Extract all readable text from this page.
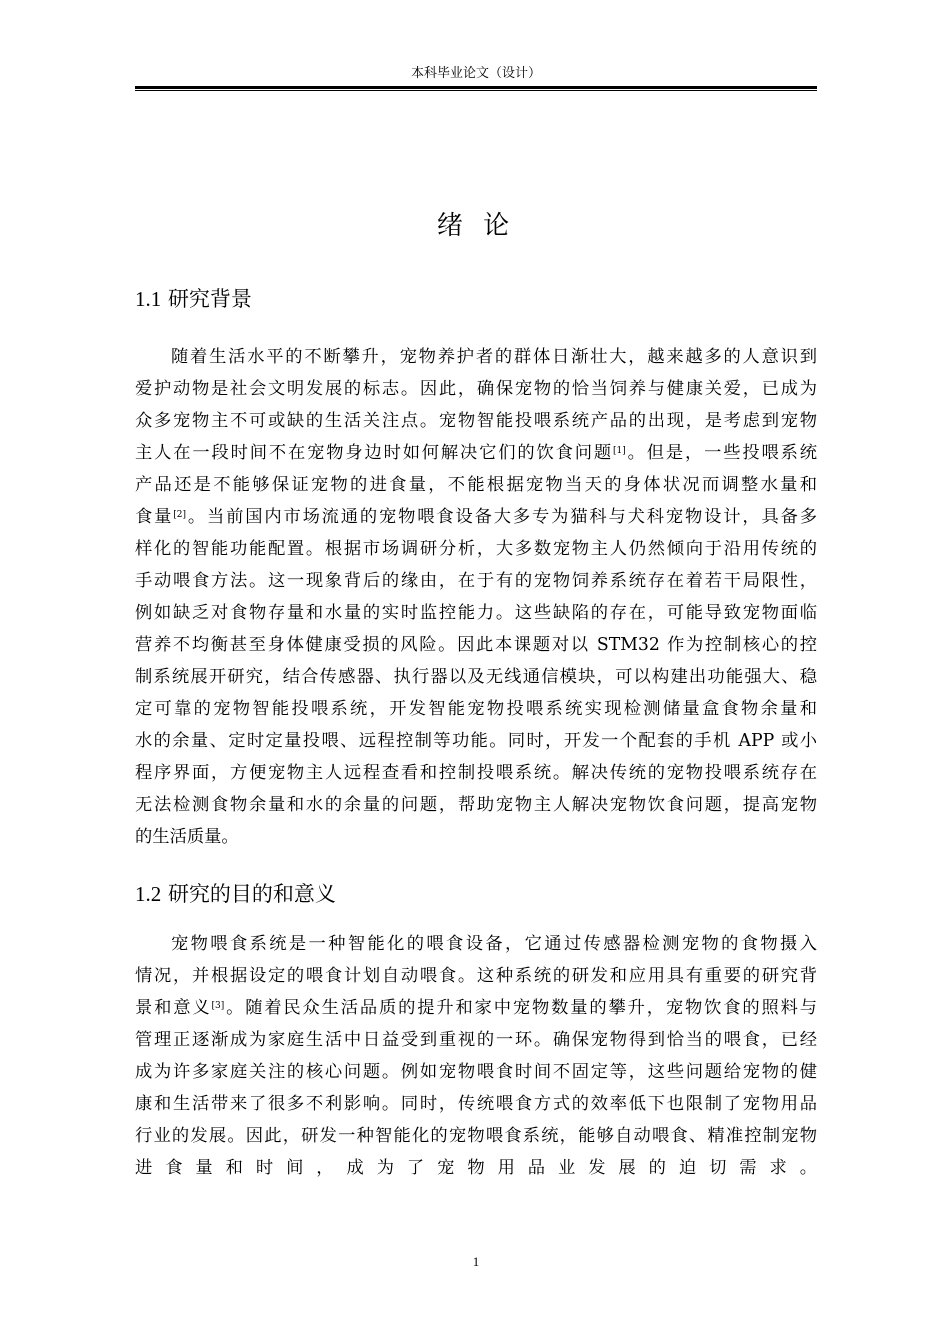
本科毕业论文（设计）
绪 论
1.1 研究背景
随着生活水平的不断攀升，宠物养护者的群体日渐壮大，越来越多的人意识到
爱护动物是社会文明发展的标志。因此，确保宠物的恰当饲养与健康关爱，已成为
众多宠物主不可或缺的生活关注点。宠物智能投喂系统产品的出现，是考虑到宠物
主人在一段时间不在宠物身边时如何解决它们的饮食问题[1]。但是，一些投喂系统
产品还是不能够保证宠物的进食量，不能根据宠物当天的身体状况而调整水量和
食量[2]。当前国内市场流通的宠物喂食设备大多专为猫科与犬科宠物设计，具备多
样化的智能功能配置。根据市场调研分析，大多数宠物主人仍然倾向于沿用传统的
手动喂食方法。这一现象背后的缘由，在于有的宠物饲养系统存在着若干局限性，
例如缺乏对食物存量和水量的实时监控能力。这些缺陷的存在，可能导致宠物面临
营养不均衡甚至身体健康受损的风险。因此本课题对以 STM32 作为控制核心的控
制系统展开研究，结合传感器、执行器以及无线通信模块，可以构建出功能强大、稳
定可靠的宠物智能投喂系统，开发智能宠物投喂系统实现检测储量盒食物余量和
水的余量、定时定量投喂、远程控制等功能。同时，开发一个配套的手机 APP 或小
程序界面，方便宠物主人远程查看和控制投喂系统。解决传统的宠物投喂系统存在
无法检测食物余量和水的余量的问题，帮助宠物主人解决宠物饮食问题，提高宠物
的生活质量。
1.2 研究的目的和意义
宠物喂食系统是一种智能化的喂食设备，它通过传感器检测宠物的食物摄入
情况，并根据设定的喂食计划自动喂食。这种系统的研发和应用具有重要的研究背
景和意义[3]。随着民众生活品质的提升和家中宠物数量的攀升，宠物饮食的照料与
管理正逐渐成为家庭生活中日益受到重视的一环。确保宠物得到恰当的喂食，已经
成为许多家庭关注的核心问题。例如宠物喂食时间不固定等，这些问题给宠物的健
康和生活带来了很多不利影响。同时，传统喂食方式的效率低下也限制了宠物用品
行业的发展。因此，研发一种智能化的宠物喂食系统，能够自动喂食、精准控制宠物
进食量和时间，成为了宠物用品业发展的迫切需求。
1
